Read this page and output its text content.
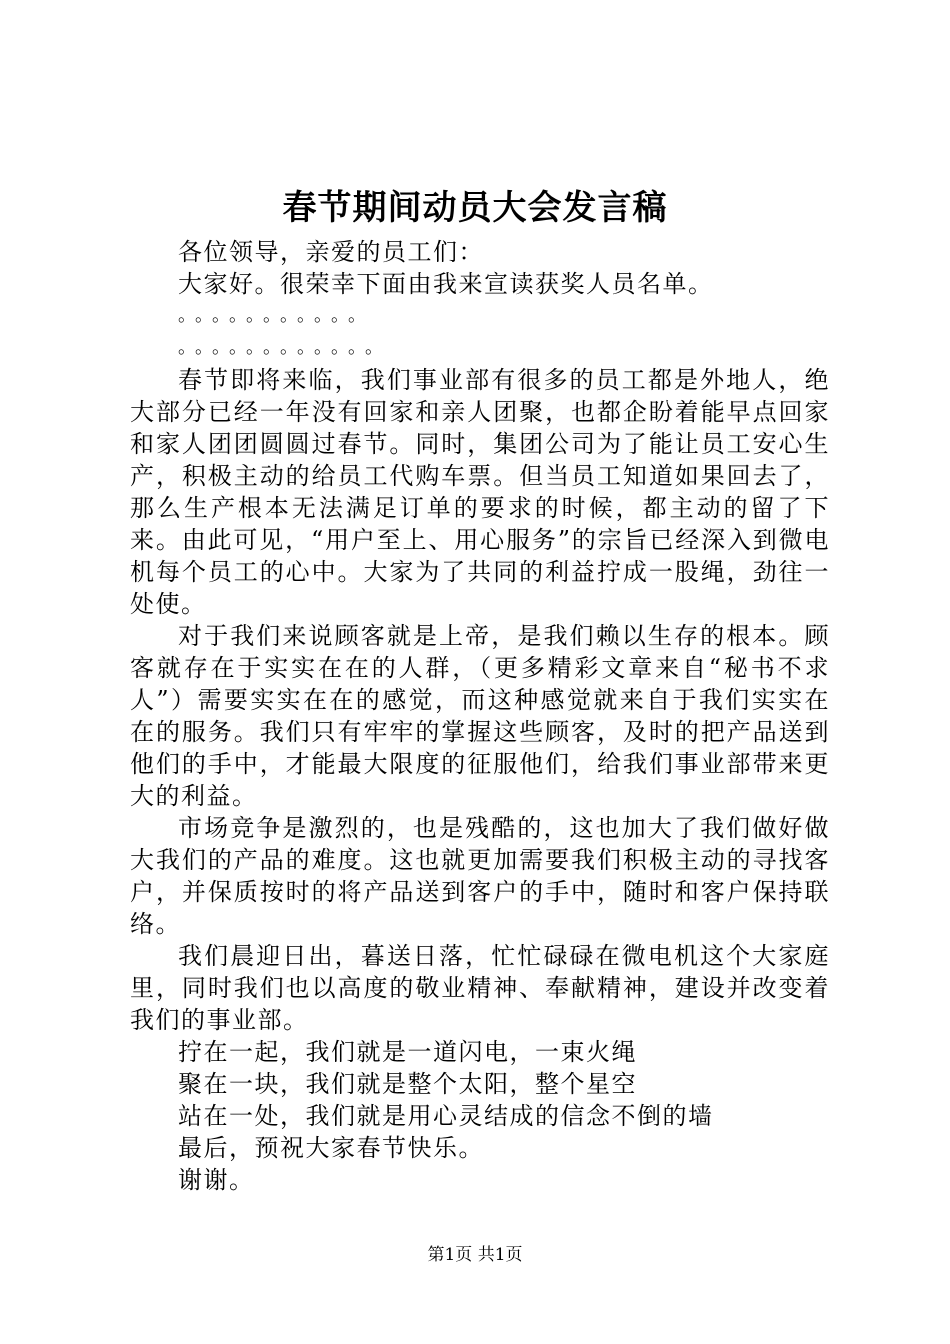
春节期间动员大会发言稿

各位领导，亲爱的员工们：

大家好。很荣幸下面由我来宣读获奖人员名单。

。。。。。。。。。。。

。。。。。。。。。。。。

春节即将来临，我们事业部有很多的员工都是外地人，绝大部分已经一年没有回家和亲人团聚，也都企盼着能早点回家和家人团团圆圆过春节。同时，集团公司为了能让员工安心生产，积极主动的给员工代购车票。但当员工知道如果回去了，那么生产根本无法满足订单的要求的时候，都主动的留了下来。由此可见，“用户至上、用心服务”的宗旨已经深入到微电机每个员工的心中。大家为了共同的利益拧成一股绳，劲往一处使。

对于我们来说顾客就是上帝，是我们赖以生存的根本。顾客就存在于实实在在的人群，（更多精彩文章来自“秘书不求人”）需要实实在在的感觉，而这种感觉就来自于我们实实在在的服务。我们只有牢牢的掌握这些顾客，及时的把产品送到他们的手中，才能最大限度的征服他们，给我们事业部带来更大的利益。

市场竞争是激烈的，也是残酷的，这也加大了我们做好做大我们的产品的难度。这也就更加需要我们积极主动的寻找客户，并保质按时的将产品送到客户的手中，随时和客户保持联络。

我们晨迎日出，暮送日落，忙忙碌碌在微电机这个大家庭里，同时我们也以高度的敬业精神、奉献精神，建设并改变着我们的事业部。

拧在一起，我们就是一道闪电，一束火绳

聚在一块，我们就是整个太阳，整个星空

站在一处，我们就是用心灵结成的信念不倒的墙

最后，预祝大家春节快乐。

谢谢。

第1页 共1页
